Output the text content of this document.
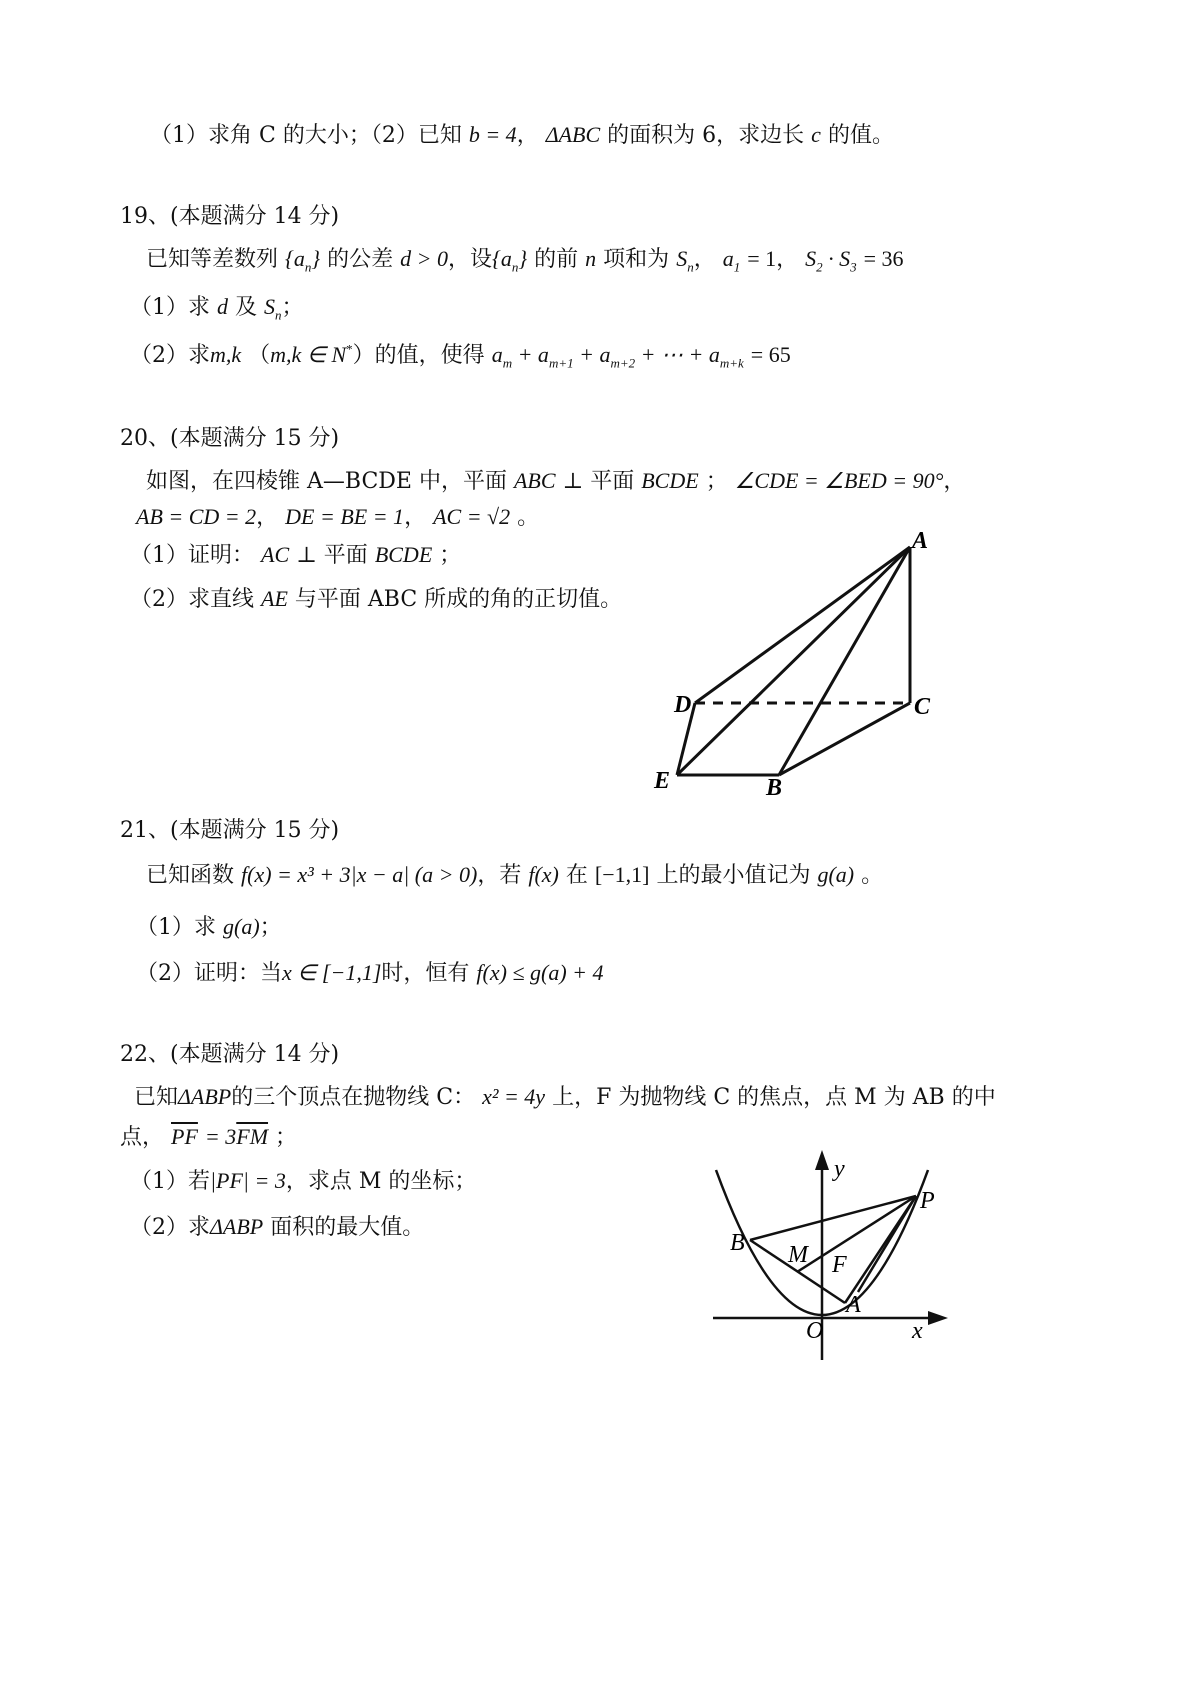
（1）求角 C 的大小；（2）已知 b = 4， ΔABC 的面积为 6，求边长 c 的值。
19、(本题满分 14 分)
已知等差数列 $\{a_n\}$ 的公差 d > 0，设$\{a_n\}$ 的前 n 项和为 $S_n$， $a_1 = 1$， $S_2 \cdot S_3 = 36$
（1）求 d 及 $S_n$；
（2）求m,k （m,k ∈ N*）的值，使得 $a_m + a_{m+1} + a_{m+2}$ + ⋯ + $a_{m+k} = 65$
20、(本题满分 15 分)
如图，在四棱锥 A—BCDE 中，平面 ABC ⊥ 平面 BCDE ； ∠CDE = ∠BED = 90°，
AB = CD = 2， DE = BE = 1， AC = √2 。
（1）证明： AC ⊥ 平面 BCDE ；
（2）求直线 AE 与平面 ABC 所成的角的正切值。
A
D	C
E	B
21、(本题满分 15 分)
已知函数 f(x) = x³ + 3|x − a| (a > 0)，若 f(x) 在 [−1,1] 上的最小值记为 g(a) 。
（1）求 g(a)；
（2）证明：当x ∈ [−1,1]时，恒有 f(x) ≤ g(a) + 4
22、(本题满分 14 分)
已知ΔABP的三个顶点在抛物线 C： x² = 4y 上，F 为抛物线 C 的焦点，点 M 为 AB 的中
点， $\overline{PF} = 3\overline{FM}$ ；
（1）若|PF| = 3，求点 M 的坐标；
（2）求ΔABP 面积的最大值。
y
x
O
P
B M F
A
